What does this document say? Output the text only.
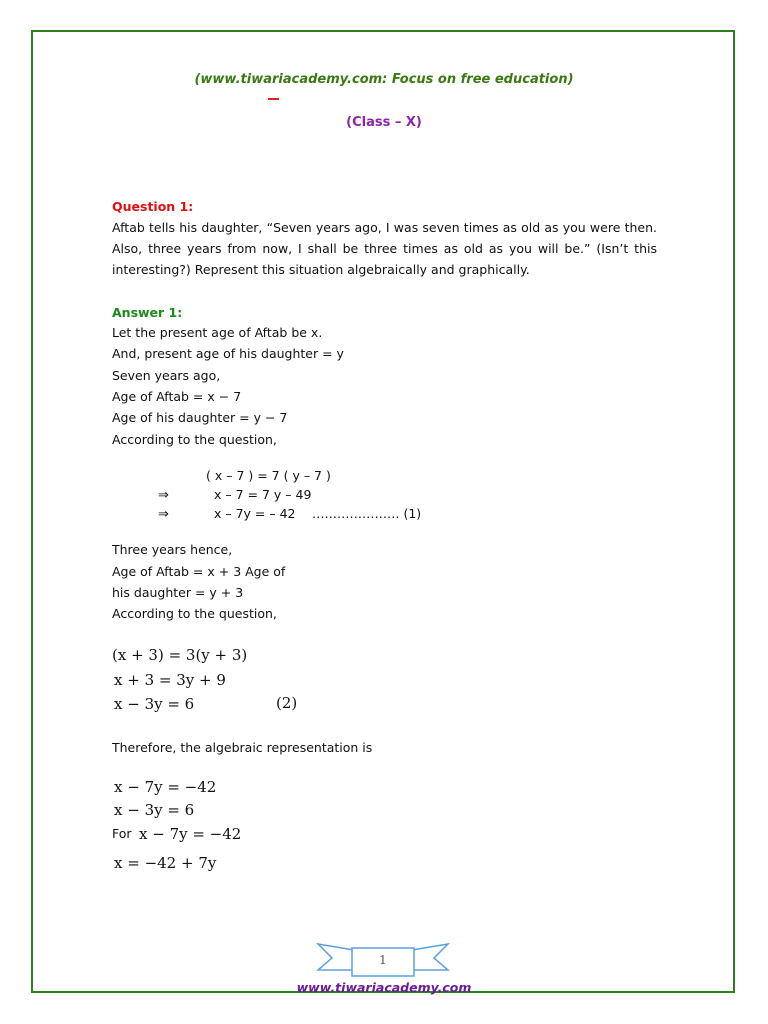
(www.tiwariacademy.com: Focus on free education)
(Class – X)
Question 1:

Aftab tells his daughter, “Seven years ago, I was seven times as old as you were then. Also, three years from now, I shall be three times as old as you will be.” (Isn’t this interesting?) Represent this situation algebraically and graphically.

Answer 1:
Let the present age of Aftab be x.
And, present age of his daughter = y
Seven years ago,
Age of Aftab = x − 7
Age of his daughter = y − 7
According to the question,
( x – 7 ) = 7 ( y – 7 )
⇒	x – 7 = 7 y – 49
⇒	x – 7y = – 42 ………………… (1)
Three years hence,
Age of Aftab = x + 3 Age of
his daughter = y + 3
According to the question,
(x + 3) = 3(y + 3)
x + 3 = 3y + 9
x − 3y = 6	(2)
Therefore, the algebraic representation is
x − 7y = −42
x − 3y = 6
For x − 7y = −42
x = −42 + 7y
1
www.tiwariacademy.com
